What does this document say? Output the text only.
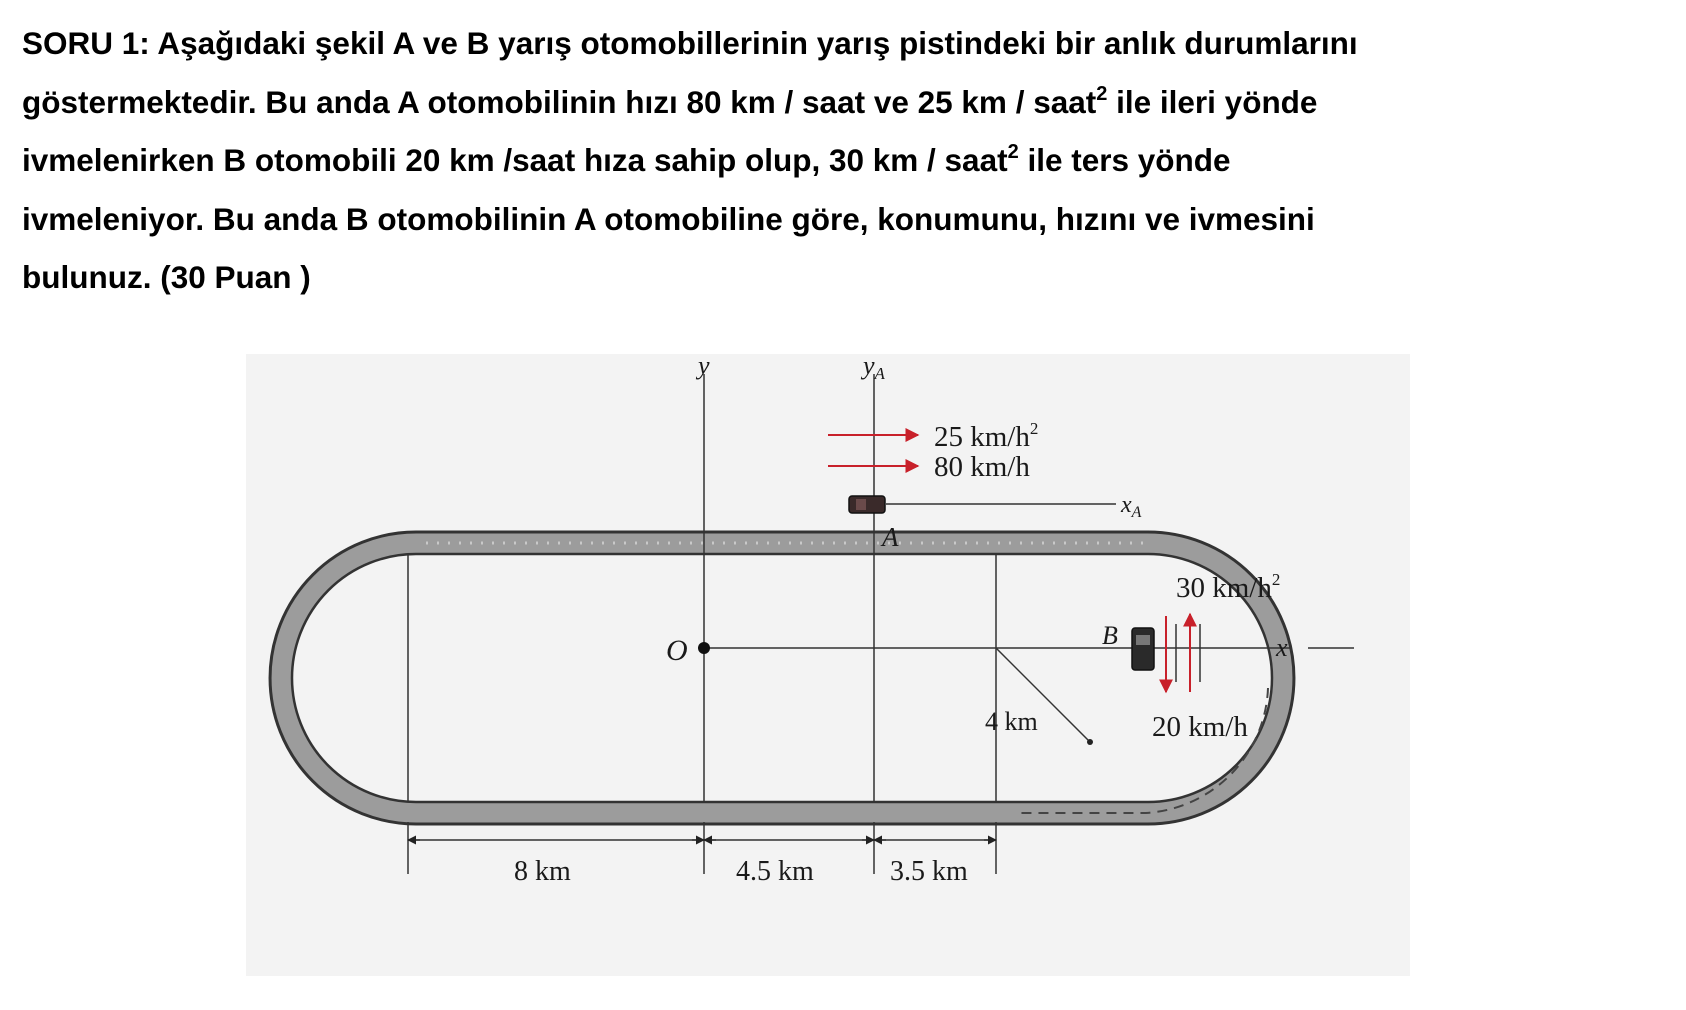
SORU 1: Aşağıdaki şekil A ve B yarış otomobillerinin yarış pistindeki bir anlık durumlarını
göstermektedir. Bu anda A otomobilinin hızı 80 km / saat ve 25 km / saat$^2$ ile ileri yönde
ivmelenirken B otomobili 20 km /saat hıza sahip olup, 30 km / saat$^2$ ile ters yönde
ivmeleniyor. Bu anda B otomobilinin A otomobiline göre, konumunu, hızını ve ivmesini
bulunuz. (30 Puan )
y	yA
25 $km/h^2$
80 km/h
$x_A$
A
30 $km/h^2$
B
O	x
4 km	20 km/h
8 km	4.5 km	3.5 km
